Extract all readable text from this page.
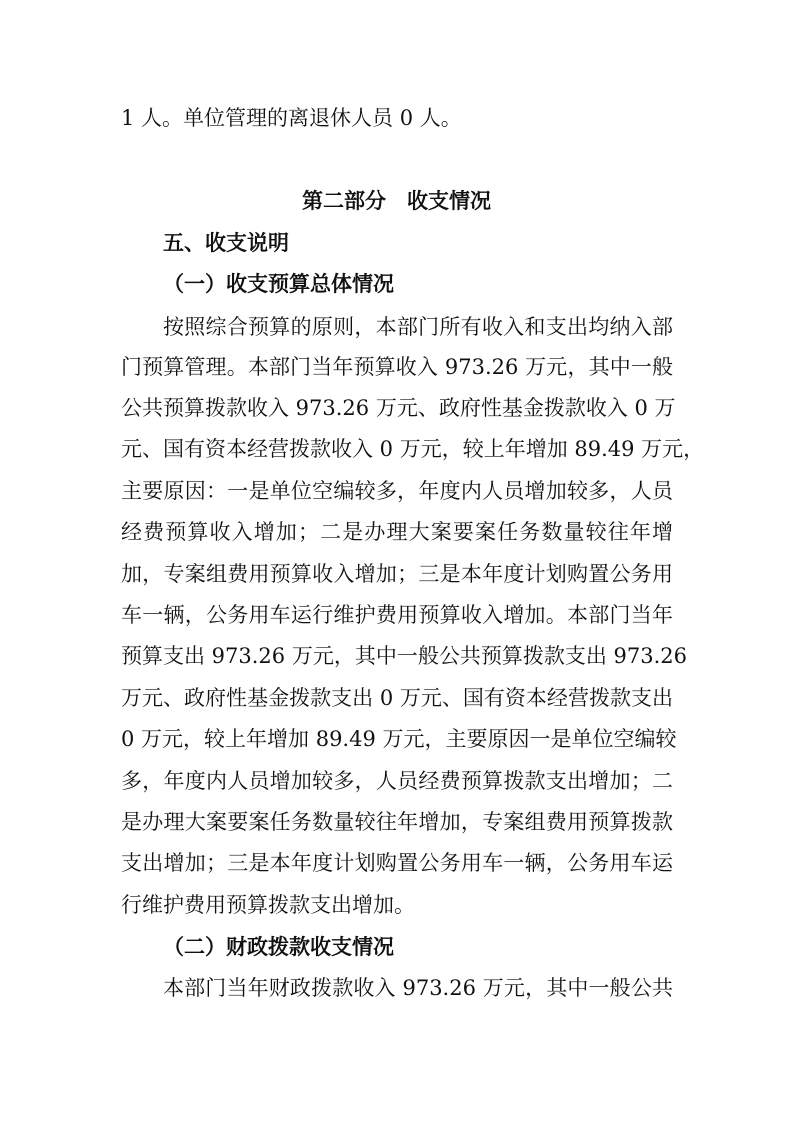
1 人。单位管理的离退休人员 0 人。
第二部分　收支情况
五、收支说明
（一）收支预算总体情况
按照综合预算的原则，本部门所有收入和支出均纳入部
门预算管理。本部门当年预算收入 973.26 万元，其中一般
公共预算拨款收入 973.26 万元、政府性基金拨款收入 0 万
元、国有资本经营拨款收入 0 万元，较上年增加 89.49 万元，
主要原因：一是单位空编较多，年度内人员增加较多，人员
经费预算收入增加；二是办理大案要案任务数量较往年增
加，专案组费用预算收入增加；三是本年度计划购置公务用
车一辆，公务用车运行维护费用预算收入增加。本部门当年
预算支出 973.26 万元，其中一般公共预算拨款支出 973.26
万元、政府性基金拨款支出 0 万元、国有资本经营拨款支出
0 万元，较上年增加 89.49 万元，主要原因一是单位空编较
多，年度内人员增加较多，人员经费预算拨款支出增加；二
是办理大案要案任务数量较往年增加，专案组费用预算拨款
支出增加；三是本年度计划购置公务用车一辆，公务用车运
行维护费用预算拨款支出增加。
（二）财政拨款收支情况
本部门当年财政拨款收入 973.26 万元，其中一般公共
